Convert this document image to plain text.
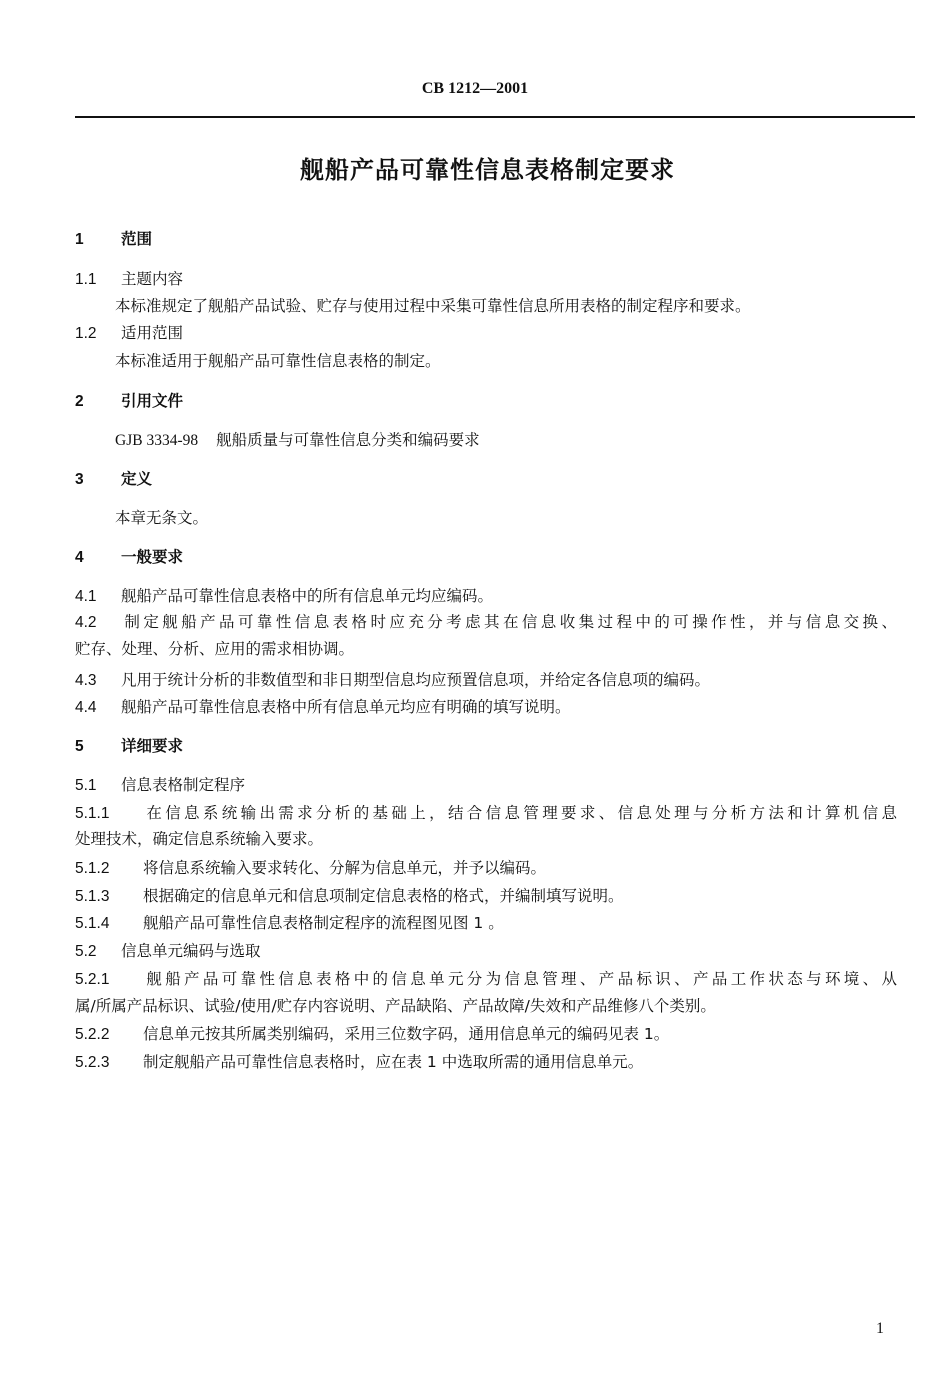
CB 1212—2001
舰船产品可靠性信息表格制定要求
1 范围
1.1 主题内容
本标准规定了舰船产品试验、贮存与使用过程中采集可靠性信息所用表格的制定程序和要求。
1.2 适用范围
本标准适用于舰船产品可靠性信息表格的制定。
2 引用文件
GJB 3334-98 舰船质量与可靠性信息分类和编码要求
3 定义
本章无条文。
4 一般要求
4.1 舰船产品可靠性信息表格中的所有信息单元均应编码。
4.2 制定舰船产品可靠性信息表格时应充分考虑其在信息收集过程中的可操作性，并与信息交换、
贮存、处理、分析、应用的需求相协调。
4.3 凡用于统计分析的非数值型和非日期型信息均应预置信息项，并给定各信息项的编码。
4.4 舰船产品可靠性信息表格中所有信息单元均应有明确的填写说明。
5 详细要求
5.1 信息表格制定程序
5.1.1 在信息系统输出需求分析的基础上，结合信息管理要求、信息处理与分析方法和计算机信息
处理技术，确定信息系统输入要求。
5.1.2 将信息系统输入要求转化、分解为信息单元，并予以编码。
5.1.3 根据确定的信息单元和信息项制定信息表格的格式，并编制填写说明。
5.1.4 舰船产品可靠性信息表格制定程序的流程图见图 1 。
5.2 信息单元编码与选取
5.2.1 舰船产品可靠性信息表格中的信息单元分为信息管理、产品标识、产品工作状态与环境、从
属/所属产品标识、试验/使用/贮存内容说明、产品缺陷、产品故障/失效和产品维修八个类别。
5.2.2 信息单元按其所属类别编码，采用三位数字码，通用信息单元的编码见表 1。
5.2.3 制定舰船产品可靠性信息表格时，应在表 1 中选取所需的通用信息单元。
1
